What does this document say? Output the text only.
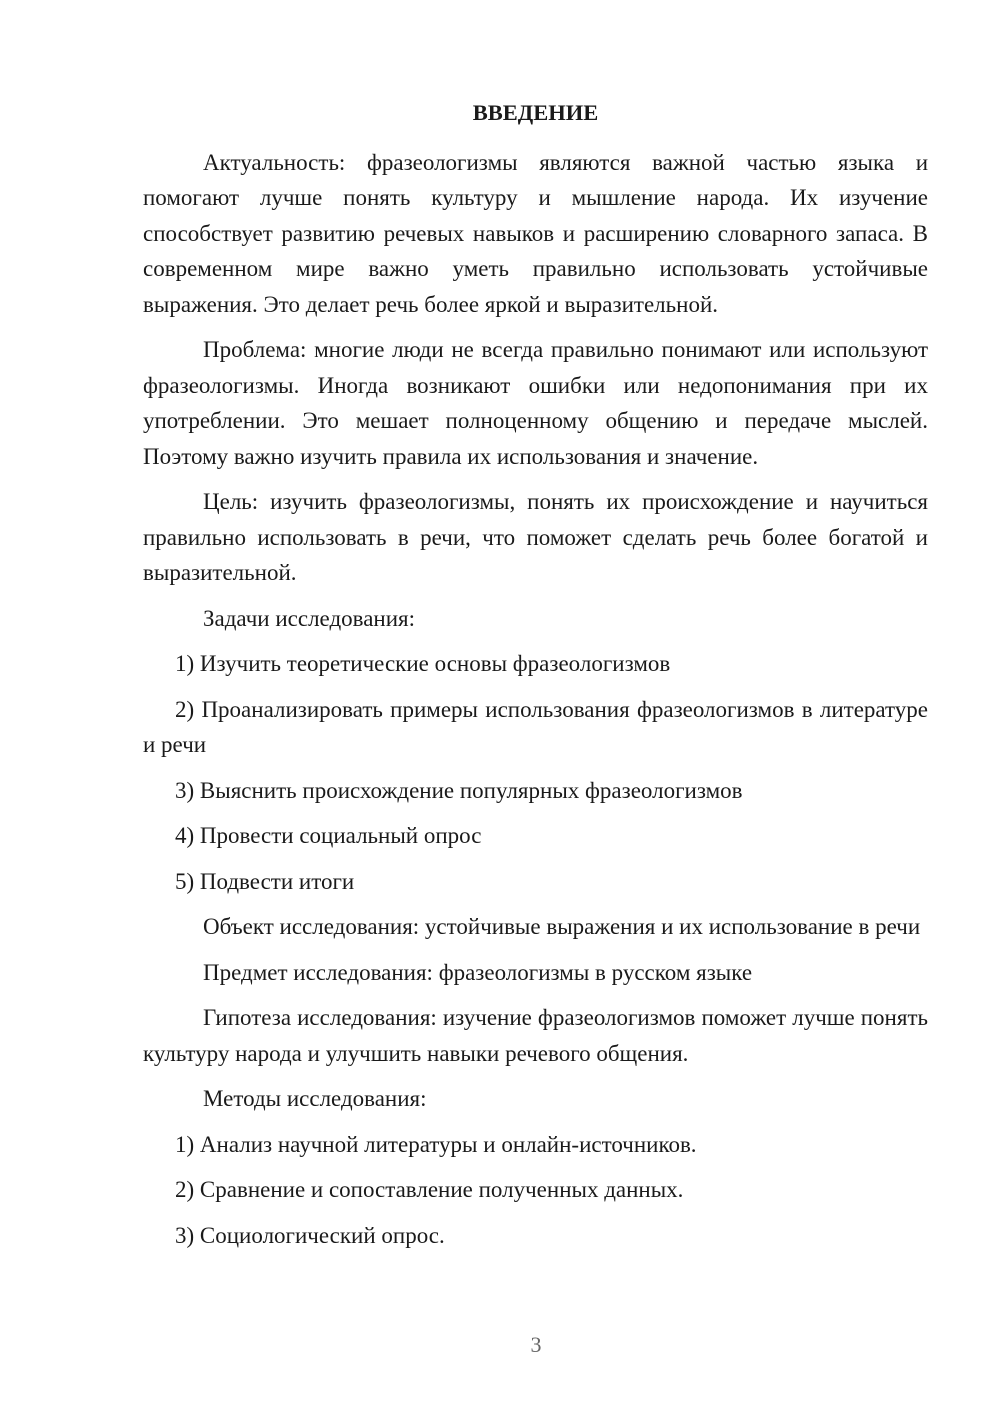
ВВЕДЕНИЕ

Актуальность: фразеологизмы являются важной частью языка и помогают лучше понять культуру и мышление народа. Их изучение способствует развитию речевых навыков и расширению словарного запаса. В современном мире важно уметь правильно использовать устойчивые выражения. Это делает речь более яркой и выразительной.

Проблема: многие люди не всегда правильно понимают или используют фразеологизмы. Иногда возникают ошибки или недопонимания при их употреблении. Это мешает полноценному общению и передаче мыслей. Поэтому важно изучить правила их использования и значение.

Цель: изучить фразеологизмы, понять их происхождение и научиться правильно использовать в речи, что поможет сделать речь более богатой и выразительной.

Задачи исследования:

1) Изучить теоретические основы фразеологизмов

2) Проанализировать примеры использования фразеологизмов в литературе и речи

3) Выяснить происхождение популярных фразеологизмов

4) Провести социальный опрос

5) Подвести итоги

Объект исследования: устойчивые выражения и их использование в речи

Предмет исследования: фразеологизмы в русском языке

Гипотеза исследования: изучение фразеологизмов поможет лучше понять культуру народа и улучшить навыки речевого общения.

Методы исследования:

1) Анализ научной литературы и онлайн-источников.

2) Сравнение и сопоставление полученных данных.

3) Социологический опрос.

3
